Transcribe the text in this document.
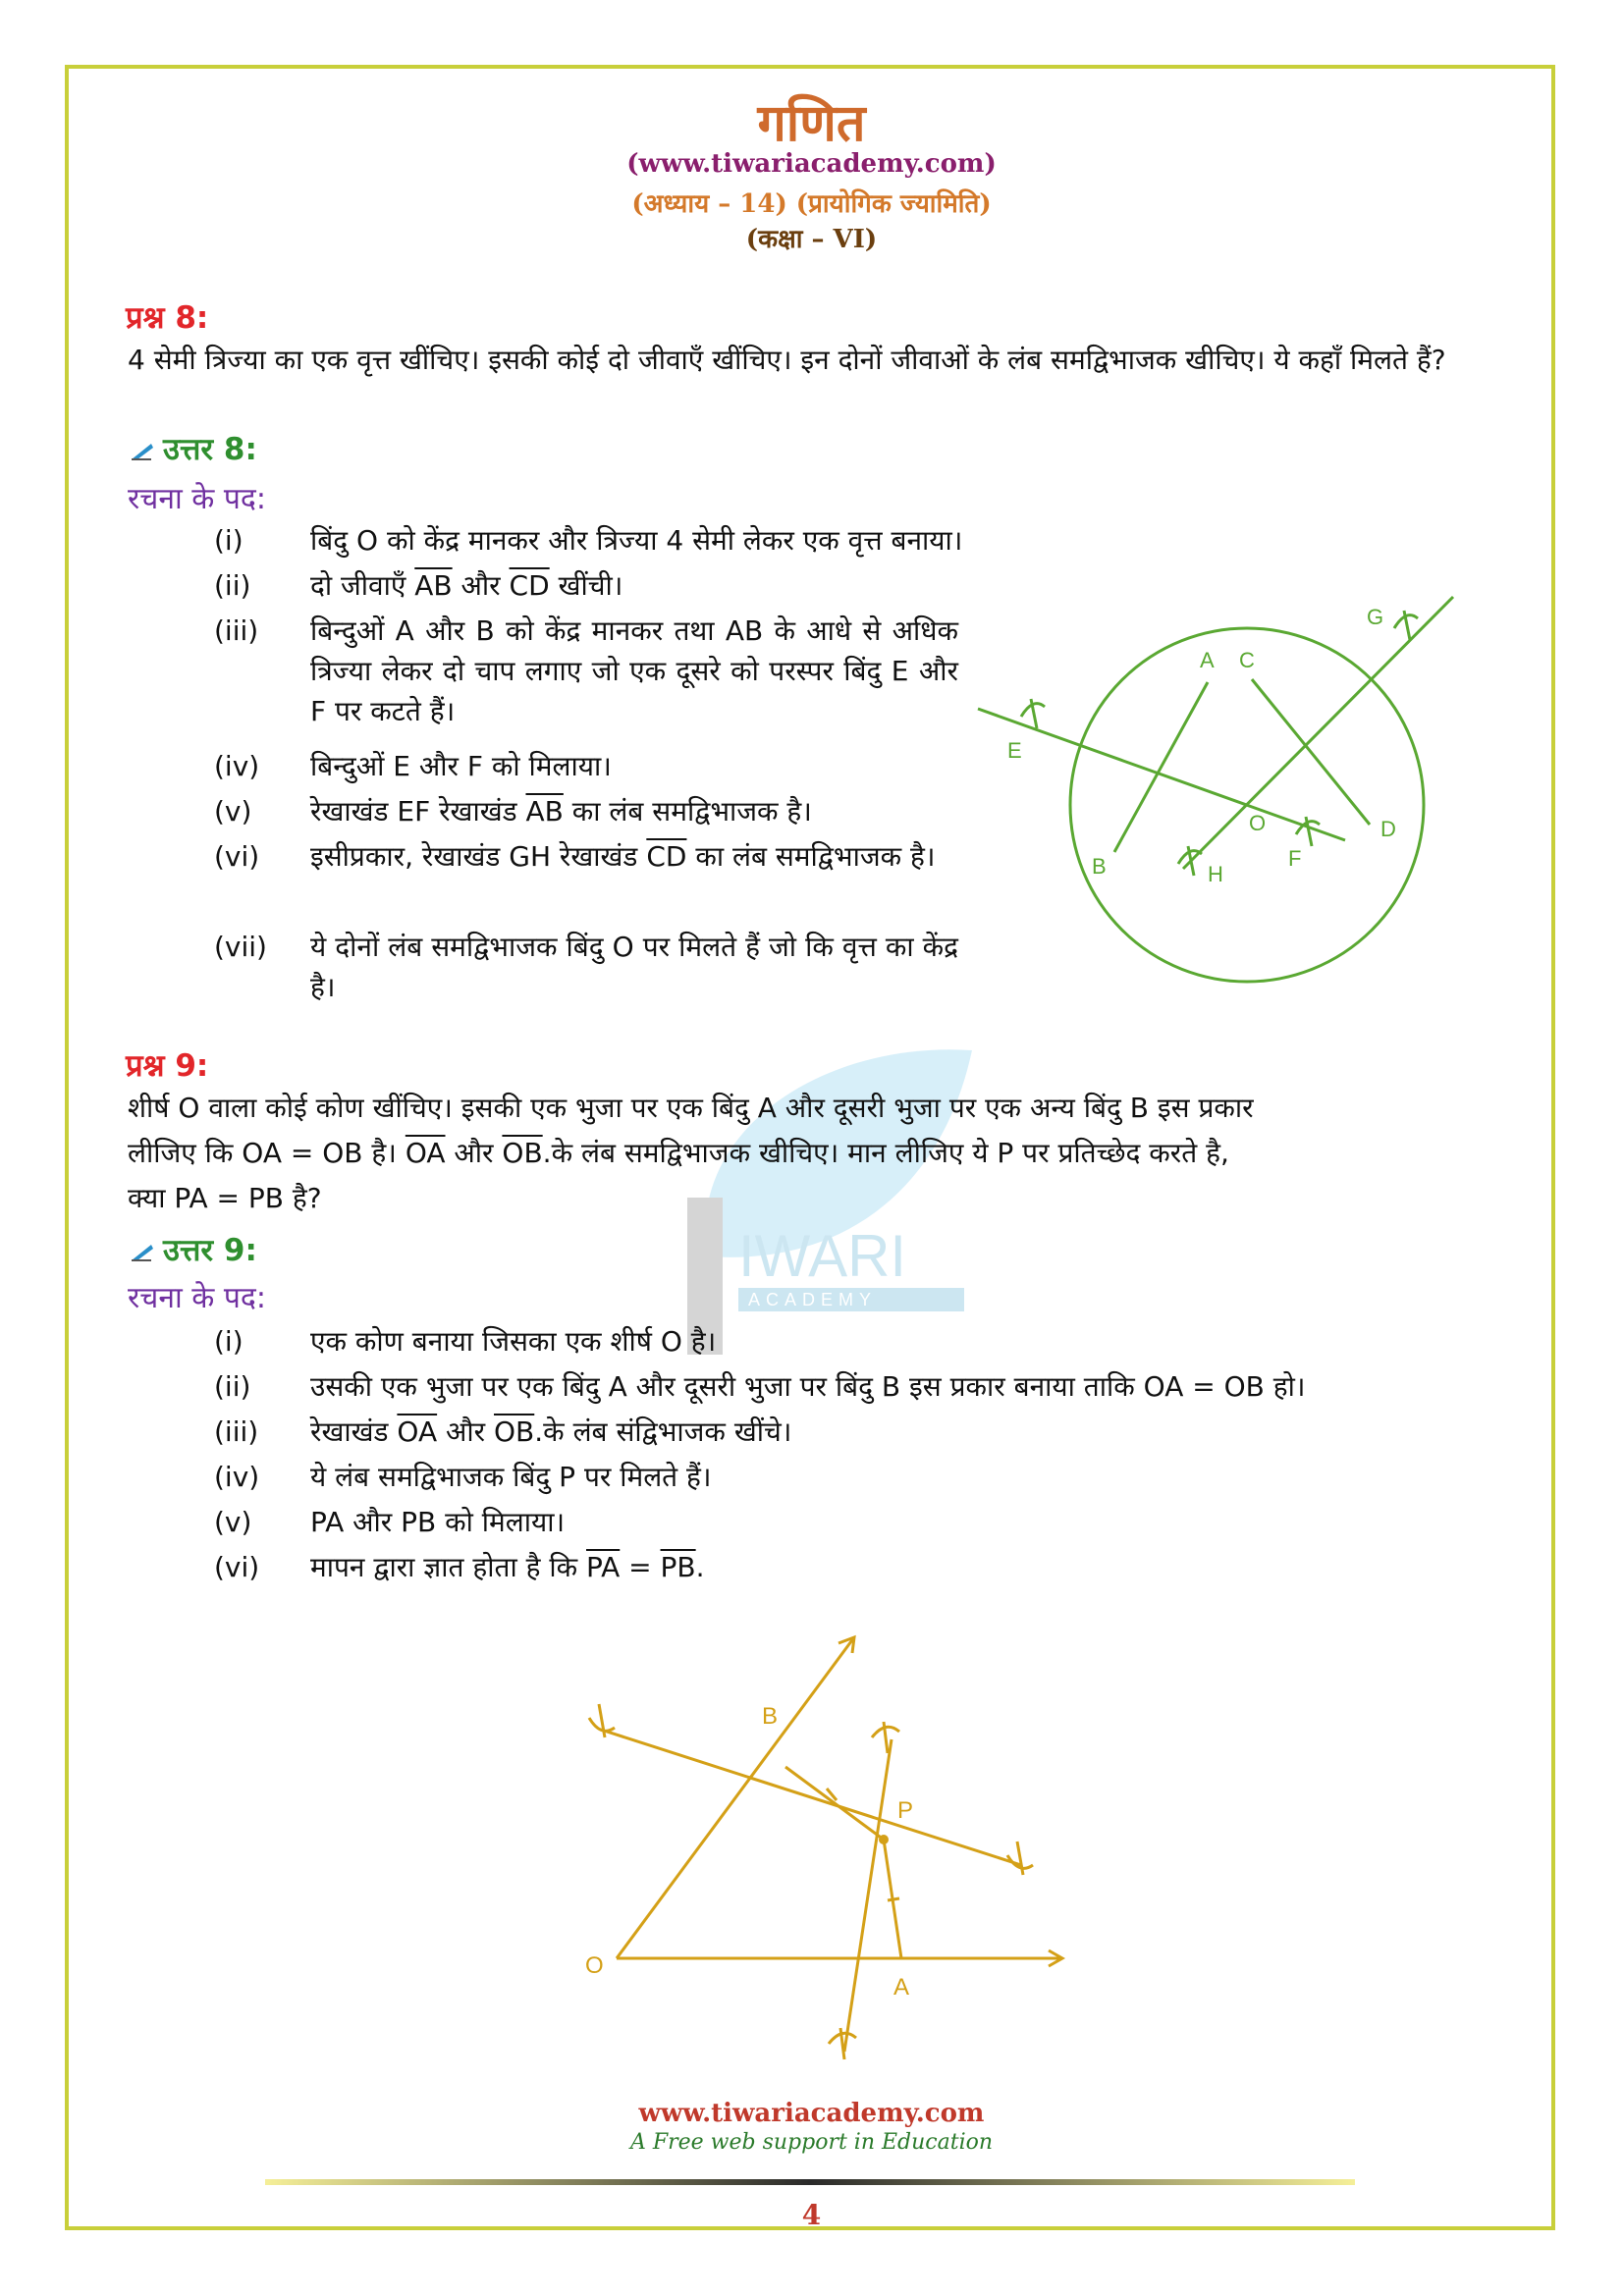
गणित
(www.tiwariacademy.com)
(अध्याय – 14) (प्रायोगिक ज्यामिति)
(कक्षा – VI)
IWARI
ACADEMY
प्रश्न 8:
4 सेमी त्रिज्या का एक वृत्त खींचिए। इसकी कोई दो जीवाएँ खींचिए। इन दोनों जीवाओं के लंब समद्विभाजक खीचिए। ये कहाँ मिलते हैं?
उत्तर 8:
रचना के पद:
(i)	बिंदु O को केंद्र मानकर और त्रिज्या 4 सेमी लेकर एक वृत्त बनाया।
(ii)	दो जीवाएँ $\overline{AB}$ और $\overline{CD}$ खींची।
(iii)	बिन्दुओं A और B को केंद्र मानकर तथा AB के आधे से अधिक त्रिज्या लेकर दो चाप लगाए जो एक दूसरे को परस्पर बिंदु E और F पर कटते हैं।
(iv)	बिन्दुओं E और F को मिलाया।
(v)	रेखाखंड EF रेखाखंड $\overline{AB}$ का लंब समद्विभाजक है।
(vi)	इसीप्रकार, रेखाखंड GH रेखाखंड $\overline{CD}$ का लंब समद्विभाजक है।
(vii)	ये दोनों लंब समद्विभाजक बिंदु O पर मिलते हैं जो कि वृत्त का केंद्र है।
A C
G
E
O	D
F
B	H
प्रश्न 9:
शीर्ष O वाला कोई कोण खींचिए। इसकी एक भुजा पर एक बिंदु A और दूसरी भुजा पर एक अन्य बिंदु B इस प्रकार
लीजिए कि OA = OB है। $\overline{OA}$ और $\overline{OB}.के$ लंब समद्विभाजक खीचिए। मान लीजिए ये P पर प्रतिच्छेद करते है,
क्या PA = PB है?
उत्तर 9:
रचना के पद:
(i)	एक कोण बनाया जिसका एक शीर्ष O है।
(ii)	उसकी एक भुजा पर एक बिंदु A और दूसरी भुजा पर बिंदु B इस प्रकार बनाया ताकि OA = OB हो।
(iii)	रेखाखंड $\overline{OA}$ और $\overline{OB}.के$ लंब संद्विभाजक खींचे।
(iv)	ये लंब समद्विभाजक बिंदु P पर मिलते हैं।
(v)	PA और PB को मिलाया।
(vi)	मापन द्वारा ज्ञात होता है कि $\overline{PA} = \overline{PB}$.
B
P
O
A
www.tiwariacademy.com
A Free web support in Education
4
